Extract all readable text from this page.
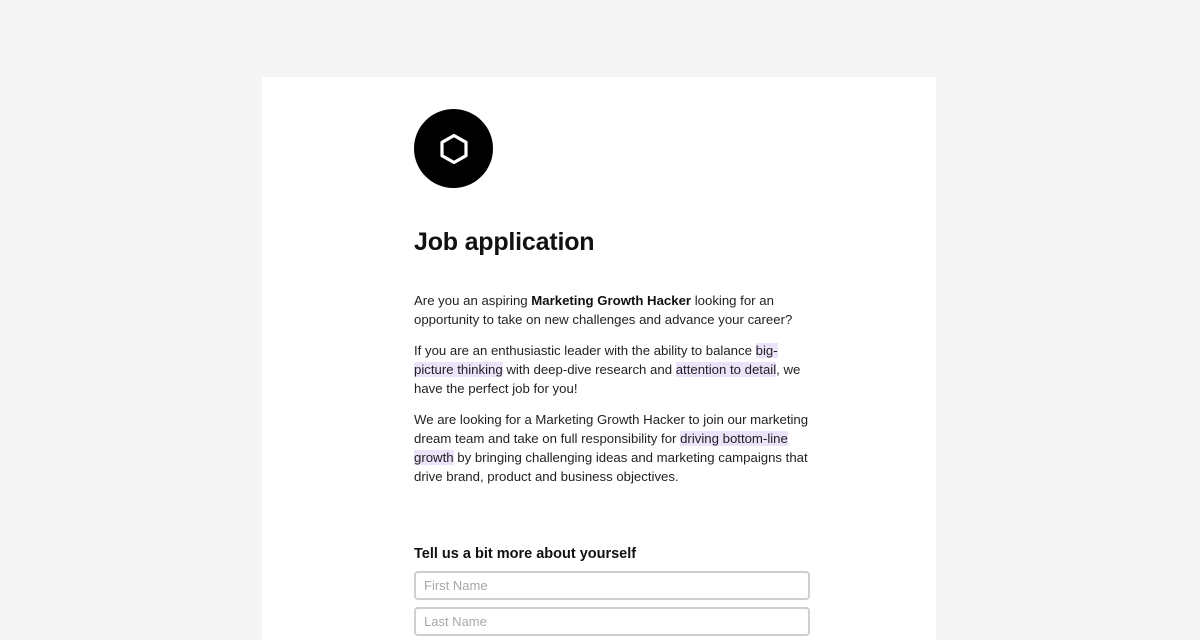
Job application

Are you an aspiring Marketing Growth Hacker looking for an opportunity to take on new challenges and advance your career?

If you are an enthusiastic leader with the ability to balance big-picture thinking with deep-dive research and attention to detail, we have the perfect job for you!

We are looking for a Marketing Growth Hacker to join our marketing dream team and take on full responsibility for driving bottom-line growth by bringing challenging ideas and marketing campaigns that drive brand, product and business objectives.

Tell us a bit more about yourself
First Name
Last Name
